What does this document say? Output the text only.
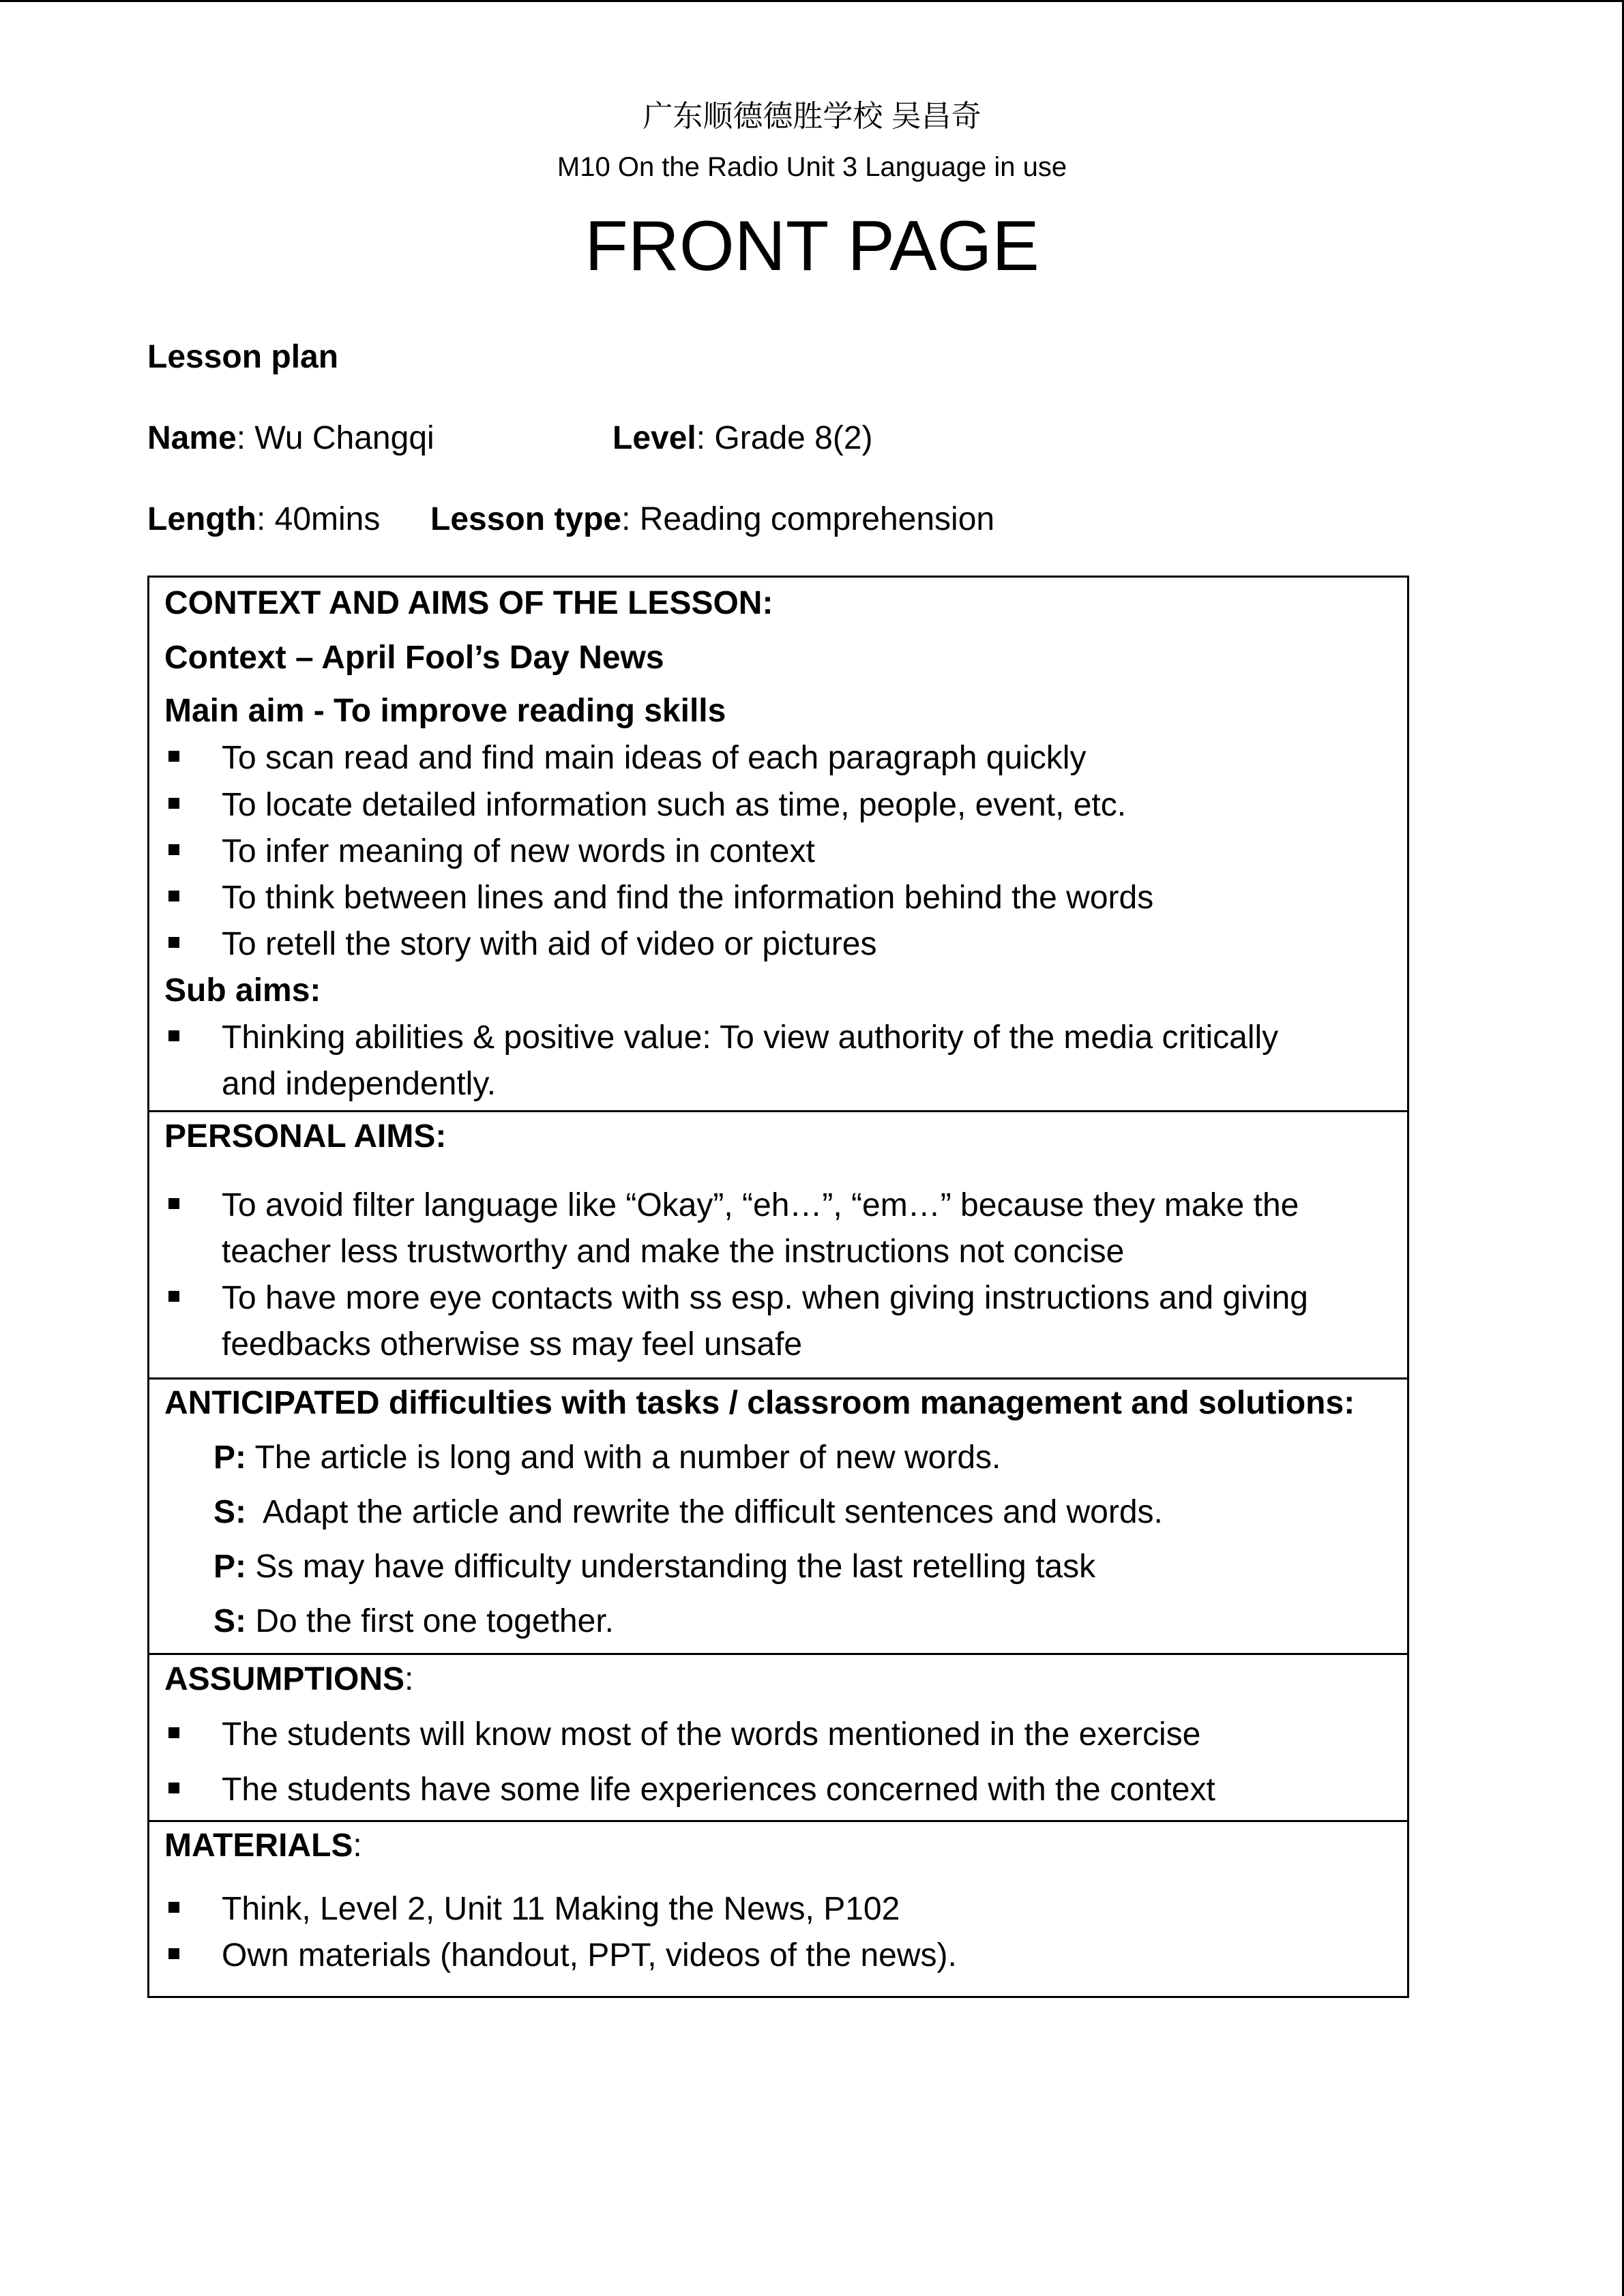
广东顺德德胜学校 吴昌奇
M10 On the Radio Unit 3 Language in use
FRONT PAGE
Lesson plan
Name: Wu Changqi	Level: Grade 8(2)
Length: 40mins Lesson type: Reading comprehension
CONTEXT AND AIMS OF THE LESSON:
Context – April Fool’s Day News
Main aim - To improve reading skills
To scan read and find main ideas of each paragraph quickly
To locate detailed information such as time, people, event, etc.
To infer meaning of new words in context
To think between lines and find the information behind the words
To retell the story with aid of video or pictures
Sub aims:
Thinking abilities & positive value: To view authority of the media critically
and independently.
PERSONAL AIMS:
To avoid filter language like “Okay”, “eh…”, “em…” because they make the
teacher less trustworthy and make the instructions not concise
To have more eye contacts with ss esp. when giving instructions and giving
feedbacks otherwise ss may feel unsafe
ANTICIPATED difficulties with tasks / classroom management and solutions:
P: The article is long and with a number of new words.
S:  Adapt the article and rewrite the difficult sentences and words.
P: Ss may have difficulty understanding the last retelling task
S: Do the first one together.
ASSUMPTIONS:
The students will know most of the words mentioned in the exercise
The students have some life experiences concerned with the context
MATERIALS:
Think, Level 2, Unit 11 Making the News, P102
Own materials (handout, PPT, videos of the news).
